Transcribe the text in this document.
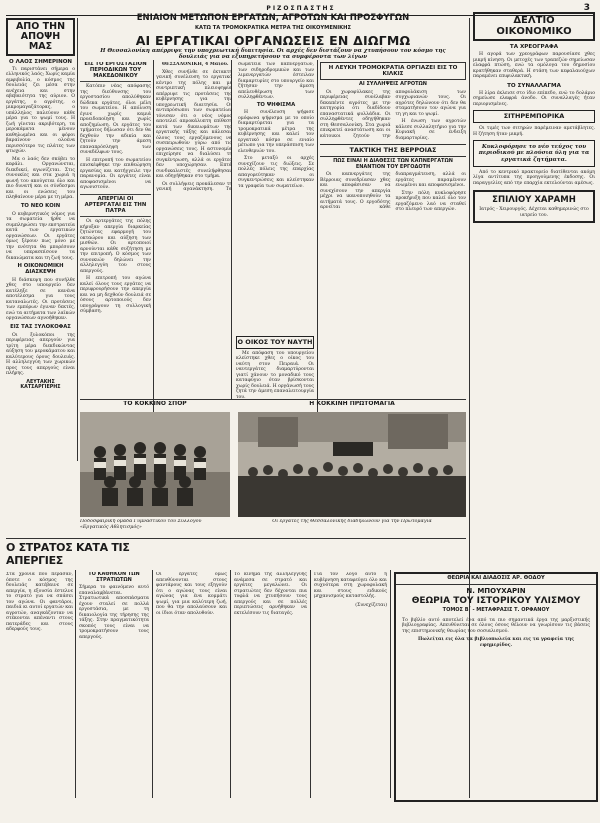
ΡΙΖΟΣΠΑΣΤΗΣ	3
ΑΠΟ ΤΗΝ ΑΠΟΨΗ ΜΑΣ
Ο ΛΑΟΣ ΣΗΜΕΡΙΝΟΝ

Τι παριστάνει σήμερα ο ελληνικός λαός; Χωρίς καμία αμφιβολία, ο κόσμος της δουλειάς ζει μέσα στην ανέχεια και στην αβεβαιότητα της αύριον. Ο εργάτης, ο αγρότης, ο μικρομαγαζάτορας, ο υπάλληλος παλεύουν κάθε μέρα για το ψωμί τους. Η ζωή γίνεται ακριβότερη, τα μεροκάματα μένουν καθηλωμένα και οι φόροι βαραίνουν ολοένα περισσότερο τις πλάτες των φτωχών.

Μα ο λαός δεν σκύβει το κεφάλι. Οργανώνεται, διεκδικεί, αγωνίζεται. Στις συνοικίες και στα χωριά η φωνή του ακούγεται όλο και πιο δυνατή και οι σύνδεσμοι και οι ενώσεις του πληθαίνουν μέρα με τη μέρα.

ΤΟ ΝΕΟ ΚΟΙΝ

Ο κυβερνητικός νόμος για τα σωματεία ήρθε να συμπληρώσει την εκστρατεία κατά των εργατικών οργανώσεων. Οι εργάτες όμως ξέρουν πως μόνο με την ενότητα θα μπορέσουν να υπερασπίσουν τα δικαιώματα και τη ζωή τους.

Η ΟΙΚΟΝΟΜΙΚΗ ΔΙΑΣΚΕΨΗ

Η διάσκεψη που συνήλθε χθες στο υπουργείο δεν κατέληξε σε κανένα αποτέλεσμα για τους καταναλωτές. Οι προτάσεις των εμπόρων έγιναν δεκτές, ενώ τα αιτήματα των λαϊκών οργανώσεων αγνοήθηκαν.

ΕΙΣ ΤΑΣ ΞΥΛΟΚΟΦΑΣ

Οι ξυλοκόποι της περιφέρειας απεργούν για τρίτη μέρα διεκδικώντας αύξηση του μεροκάματου και καλύτερους όρους δουλειάς. Η αλληλεγγύη των χωρικών προς τους απεργούς είναι πλήρης.

ΛΕΥΤΑΚΗΣ ΚΑΤΣΑΡΓΙΕΡΗΣ
ΕΝΙΑΙΟΝ ΜΕΤΩΠΟΝ ΕΡΓΑΤΩΝ, ΑΓΡΟΤΩΝ ΚΑΙ ΠΡΟΣΦΥΓΩΝ
ΚΑΤΩ ΤΑ ΤΡΟΜΟΚΡΑΤΙΚΑ ΜΕΤΡΑ ΤΗΣ ΟΙΚΟΥΜΕΝΙΚΗΣ
ΑΙ ΕΡΓΑΤΙΚΑΙ ΟΡΓΑΝΩΣΕΙΣ ΕΝ ΔΙΩΓΜΩ
Η Θεσσαλονίκη απέρριψε την υποχρεωτική διαιτησία. Οι αρχές δεν διστάζουν να χτυπήσουν τον κόσμο της δουλειάς για να εξυπηρετήσουν τα συμφέροντα των λίγων
ΕΙΣ ΤΟ ΕΡΓΟΣΤΑΣΙΟΝ ΠΕΡΙΟΔΙΚΩΝ ΤΟΥ ΜΑΚΕΔΟΝΙΚΟΥ

Κατόπιν νέας απόφασης της διεύθυνσης του εργοστασίου απολύθηκαν δώδεκα εργάτες, όλοι μέλη του σωματείου. Η απόλυση έγινε χωρίς καμιά προειδοποίηση και χωρίς αποζημίωση. Οι εργάτες του τμήματος δήλωσαν ότι δεν θα δεχθούν την αδικία και ζητούν την άμεση επαναπρόσληψη των συναδέλφων τους.

Η επιτροπή του σωματείου επισκέφθηκε την επιθεώρηση εργασίας και κατήγγειλε την παρανομία. Οι εργάτες είναι αποφασισμένοι να αγωνιστούν.

ΑΠΕΡΓΙΑΙ ΟΙ ΑΡΤΕΡΓΑΤΑΙ ΕΙΣ ΤΗΝ ΠΑΤΡΑ

Οι αρτεργάτες της πόλης κήρυξαν απεργία διαρκείας ζητώντας εφαρμογή του οκταώρου και αύξηση των μισθών. Οι αρτοποιοί αρνούνται κάθε συζήτηση με την επιτροπή. Ο κόσμος των συνοικιών δηλώνει την αλληλεγγύη του στους απεργούς.

Η επιτροπή του αγώνα καλεί όλους τους εργάτες να περιφρουρήσουν την απεργία και να μη δεχθούν δουλειά σε όσους αρτοποιούς δεν υπογράψουν τη συλλογική σύμβαση.

ΘΕΣΣΑΛΟΝΙΚΗ, 4 Μαΐου.

Χθες συνήλθε σε έκτακτη γενική συνέλευση το εργατικό κέντρο της πόλης και με συντριπτική πλειοψηφία απέρριψε τις προτάσεις της κυβέρνησης για την υποχρεωτική διαιτησία. Οι αντιπρόσωποι των σωματείων τόνισαν ότι ο νέος νόμος αποτελεί απροκάλυπτη επίθεση κατά των δικαιωμάτων της εργατικής τάξης και κάλεσαν όλους τους εργαζόμενους να συσπειρωθούν γύρω από τις οργανώσεις τους. Η αστυνομία επιχείρησε να διαλύσει τη συγκέντρωση, αλλά οι εργάτες δεν υποχώρησαν. Επτά συνδικαλιστές συνελήφθησαν και οδηγήθηκαν στο τμήμα.

Οι συλλήψεις προκάλεσαν τη γενική αγανάκτηση. Τα σωματεία των καπνεργατών, των σιδηροδρομικών και των λιμενεργατών έστειλαν διαμαρτυρίες στο υπουργείο και ζήτησαν την άμεση απελευθέρωση των συλληφθέντων.

ΤΟ ΨΗΦΙΣΜΑ

Η συνέλευση ψήφισε ομόφωνα ψήφισμα με το οποίο διαμαρτύρεται για τα τρομοκρατικά μέτρα της κυβέρνησης και καλεί τον εργατικό κόσμο σε ενιαίο μέτωπο για την υπεράσπιση των ελευθεριών του.

Στο μεταξύ οι αρχές συνεχίζουν τις διώξεις. Σε πολλές πόλεις της επαρχίας απαγορεύτηκαν οι συγκεντρώσεις και κλείστηκαν τα γραφεία των σωματείων.

Ο ΟΙΚΟΣ ΤΟΥ ΝΑΥΤΗ

Με απόφαση του υπουργείου κλείστηκε χθες ο οίκος του ναύτη στον Πειραιά. Οι ναυτεργάτες διαμαρτύρονται γιατί χάνουν το μοναδικό τους καταφύγιο όταν βρίσκονται χωρίς δουλειά. Η οργάνωσή τους ζητά την άμεση επαναλειτουργία του.

Η ΛΕΥΚΗ ΤΡΟΜΟΚΡΑΤΙΑ ΟΡΓΙΑΖΕΙ ΕΙΣ ΤΟ ΚΙΛΚΙΣ
ΑΙ ΣΥΛΛΗΨΕΙΣ ΑΓΡΟΤΩΝ

Οι χωροφύλακες της περιφέρειας συνέλαβαν δεκαπέντε αγρότες με την κατηγορία ότι διαδίδουν επαναστατικά φυλλάδια. Οι συλληφθέντες οδηγήθηκαν στη Θεσσαλονίκη. Στα χωριά επικρατεί αναστάτωση και οι κάτοικοι ζητούν την αποφυλάκιση των συγχωριανών τους. Οι αγρότες δηλώνουν ότι δεν θα σταματήσουν τον αγώνα για τη γη και το ψωμί.

Η ένωση των αγροτών κάλεσε συλλαλητήριο για την Κυριακή σε ένδειξη διαμαρτυρίας.

ΤΑΚΤΙΚΗ ΤΗΣ ΒΕΡΡΟΙΑΣ
ΠΩΣ ΕΙΝΑΙ Η ΔΙΑΘΕΣΙΣ ΤΩΝ ΚΑΠΝΕΡΓΑΤΩΝ ΕΝΑΝΤΙΟΝ ΤΟΥ ΕΡΓΟΔΟΤΗ

Οι καπνεργάτες της Βέρροιας συνεδρίασαν χθες και αποφάσισαν να συνεχίσουν την απεργία μέχρι να ικανοποιηθούν τα αιτήματά τους. Ο εργοδότης αρνείται κάθε διαπραγμάτευση, αλλά οι εργάτες παραμένουν ενωμένοι και αποφασισμένοι.

Στην πόλη κυκλοφόρησε προκήρυξη που καλεί όλο τον εργαζόμενο λαό να σταθεί στο πλευρό των απεργών.

ΔΕΛΤΙΟ ΟΙΚΟΝΟΜΙΚΟ
ΤΑ ΧΡΕΟΓΡΑΦΑ

Η αγορά των χρεογράφων παρουσίασε χθες μικρή κίνηση. Οι μετοχές των τραπεζών σημείωσαν ελαφρά πτώση, ενώ τα ομόλογα του δημοσίου κρατήθηκαν σταθερά. Η στάση των κεφαλαιούχων παραμένει επιφυλακτική.

ΤΟ ΣΥΝΑΛΛΑΓΜΑ

Η λίρα έκλεισε στο ίδιο επίπεδο, ενώ το δολάριο σημείωσε ελαφρά άνοδο. Οι συναλλαγές ήταν περιορισμένες.

ΣΙΤΗΡΕΜΠΟΡΙΚΑ

Οι τιμές των σιτηρών παρέμειναν αμετάβλητες. Η ζήτηση ήταν μικρή.

Κυκλοφόρησε το νέο τεύχος του περιοδικού με πλούσια ύλη για τα εργατικά ζητήματα.

Από το κεντρικό πρακτορείο διατίθενται ακόμη λίγα αντίτυπα της προηγούμενης έκδοσης. Οι παραγγελίες από την επαρχία εκτελούνται αμέσως.

ΣΠΙΛΙΟΥ ΧΑΡΑΜΗ
Ιατρός - Χειρουργός. Δέχεται καθημερινώς στο ιατρείο του.
ΤΟ ΚΟΚΚΙΝΟ ΣΠΟΡ	Η ΚΟΚΚΙΝΗ ΠΡΩΤΟΜΑΓΙΑ
Ποδοσφαιρική ομάδα Γυμναστικού του Συλλόγου «Εργατικός Αθλητισμός»
Οι εργάτες της Θεσσαλονίκης διαδηλώνουν για την Πρωτομαγιά
Ο ΣΤΡΑΤΟΣ ΚΑΤΑ ΤΙΣ ΑΠΕΡΓΙΕΣ
Στα χρόνια που πέρασαν, όποτε ο κόσμος της δουλειάς κατέβαινε σε απεργία, η εξουσία έστελνε το στρατό για να σπάσει τον αγώνα. Οι φαντάροι, παιδιά κι αυτοί εργατών και αγροτών, αναγκάζονταν να στέκονται απέναντι στους πατεράδες και στους αδερφούς τους.
ΤΟ ΚΑΘΗΚΟΝ ΤΩΝ ΣΤΡΑΤΙΩΤΩΝ
Σήμερα το φαινόμενο αυτό επαναλαμβάνεται. Στρατιωτικά αποσπάσματα έχουν σταλεί σε πολλά εργοστάσια, με τη δικαιολογία της τήρησης της τάξης. Στην πραγματικότητα σκοπός τους είναι να τρομοκρατήσουν τους απεργούς.
Οι εργάτες όμως απευθύνονται στους φαντάρους και τους εξηγούν ότι ο αγώνας τους είναι αγώνας για ένα κομμάτι ψωμί, για μια καλύτερη ζωή, που θα την απολαύσουν και οι ίδιοι όταν απολυθούν.
Το κίνημα της αλληλεγγύης ανάμεσα σε στρατό και εργάτες μεγαλώνει. Οι στρατιώτες δεν δέχονται πια τυφλά να χτυπήσουν τους απεργούς και σε πολλές περιπτώσεις αρνήθηκαν να εκτελέσουν τις διαταγές.
Για τον λόγο αυτό η κυβέρνηση καταφεύγει όλο και συχνότερα στη χωροφυλακή και στους ειδικούς μηχανισμούς καταστολής.
(Συνεχίζεται)
ΘΕΩΡΙΑ ΚΑΙ ΔΙΑΔΟΣΙΣ ΑΡ. ΘΟΔΟΥ
Ν. ΜΠΟΥΧΑΡΙΝ
ΘΕΩΡΙΑ ΤΟΥ ΙΣΤΟΡΙΚΟΥ ΥΛΙΣΜΟΥ
ΤΟΜΟΣ Β΄ - ΜΕΤΑΦΡΑΣΙΣ Τ. ΟΡΦΑΝΟΥ
Το βιβλίο αυτό αποτελεί ένα από τα πιο σημαντικά έργα της μαρξιστικής βιβλιογραφίας. Απευθύνεται σε όλους όσους θέλουν να γνωρίσουν τις βάσεις της επιστημονικής θεωρίας του σοσιαλισμού.
Πωλείται εις όλα τα βιβλιοπωλεία και εις τα γραφεία της εφημερίδος.
